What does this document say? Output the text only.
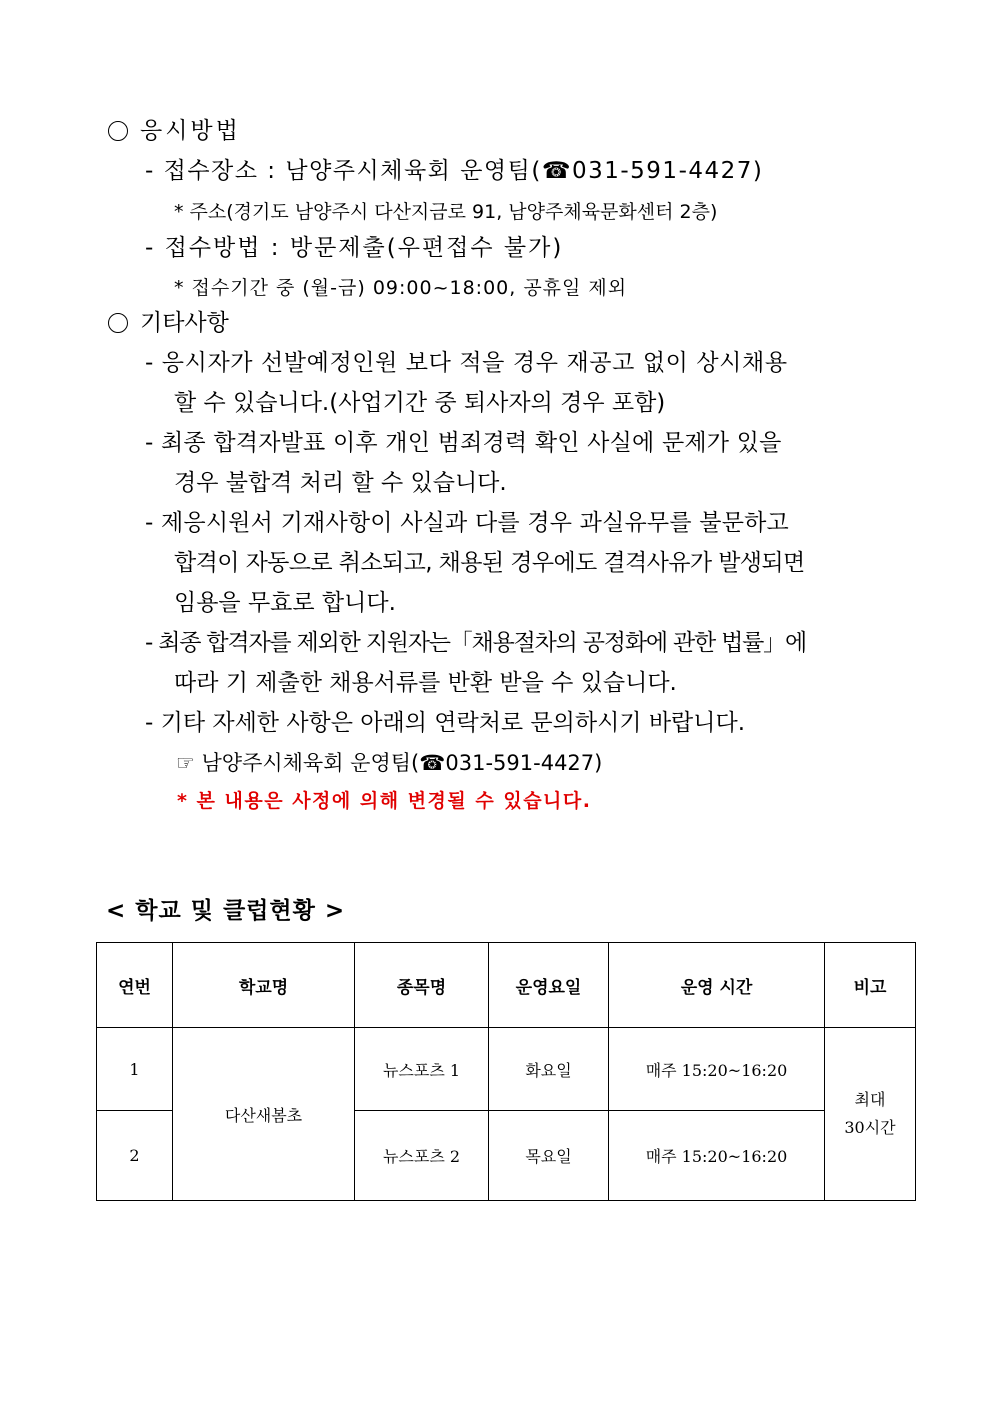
응시방법
- 접수장소 : 남양주시체육회 운영팀(☎031-591-4427)
* 주소(경기도 남양주시 다산지금로 91, 남양주체육문화센터 2층)
- 접수방법 : 방문제출(우편접수 불가)
* 접수기간 중 (월-금) 09:00~18:00, 공휴일 제외
기타사항
- 응시자가 선발예정인원 보다 적을 경우 재공고 없이 상시채용
할 수 있습니다.(사업기간 중 퇴사자의 경우 포함)
- 최종 합격자발표 이후 개인 범죄경력 확인 사실에 문제가 있을
경우 불합격 처리 할 수 있습니다.
- 제응시원서 기재사항이 사실과 다를 경우 과실유무를 불문하고
합격이 자동으로 취소되고, 채용된 경우에도 결격사유가 발생되면
임용을 무효로 합니다.
- 최종 합격자를 제외한 지원자는「채용절차의 공정화에 관한 법률」에
따라 기 제출한 채용서류를 반환 받을 수 있습니다.
- 기타 자세한 사항은 아래의 연락처로 문의하시기 바랍니다.
☞ 남양주시체육회 운영팀(☎031-591-4427)
* 본 내용은 사정에 의해 변경될 수 있습니다.
< 학교 및 클럽현황 >
연번	학교명	종목명	운영요일	운영 시간	비고
1	다산새봄초	뉴스포츠 1	화요일	매주 15:20~16:20	최대
30시간
2		뉴스포츠 2	목요일	매주 15:20~16:20	
